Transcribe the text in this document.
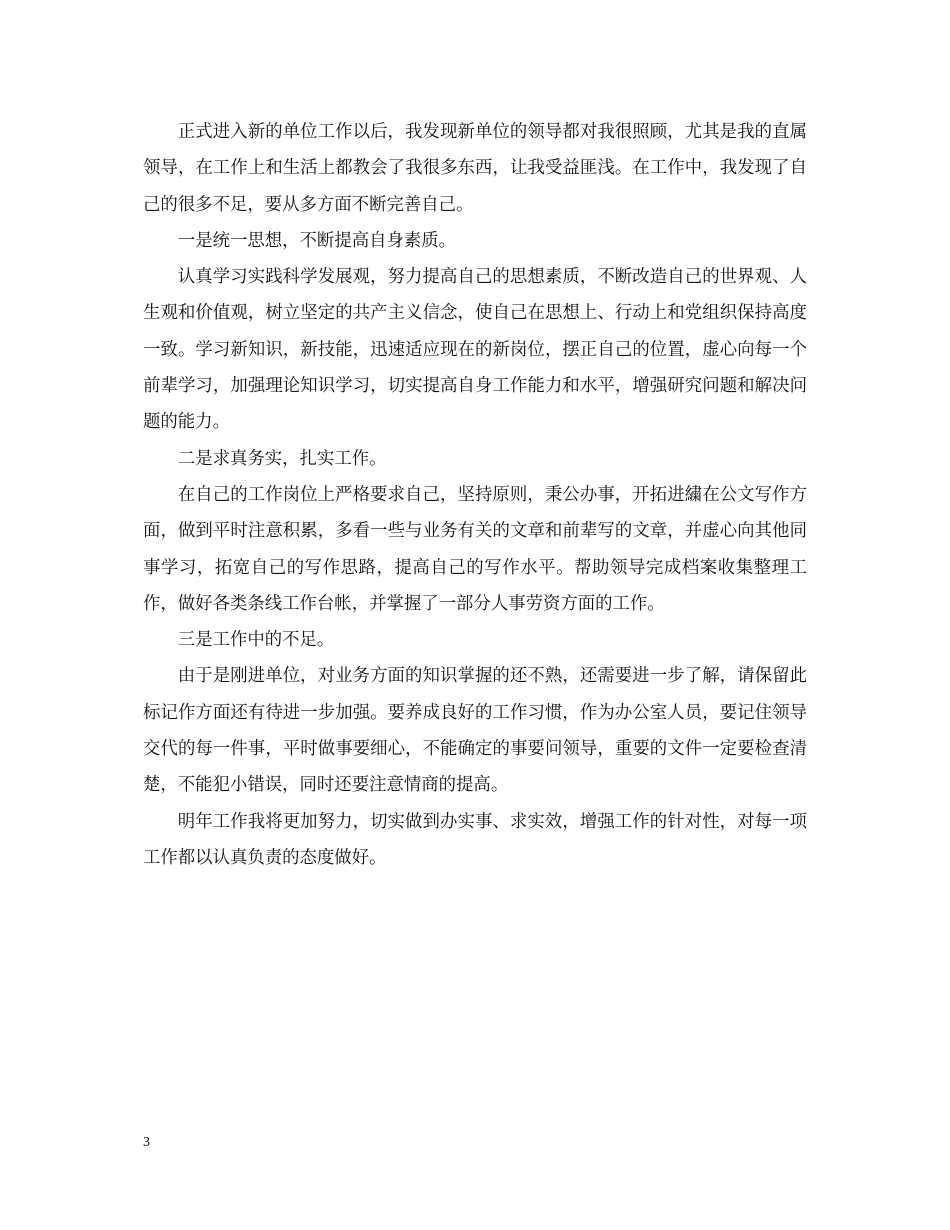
正式进入新的单位工作以后，我发现新单位的领导都对我很照顾，尤其是我的直属领导，在工作上和生活上都教会了我很多东西，让我受益匪浅。在工作中，我发现了自己的很多不足，要从多方面不断完善自己。

一是统一思想，不断提高自身素质。

认真学习实践科学发展观，努力提高自己的思想素质，不断改造自己的世界观、人生观和价值观，树立坚定的共产主义信念，使自己在思想上、行动上和党组织保持高度一致。学习新知识，新技能，迅速适应现在的新岗位，摆正自己的位置，虚心向每一个前辈学习，加强理论知识学习，切实提高自身工作能力和水平，增强研究问题和解决问题的能力。

二是求真务实，扎实工作。

在自己的工作岗位上严格要求自己，坚持原则，秉公办事，开拓进繍在公文写作方面，做到平时注意积累，多看一些与业务有关的文章和前辈写的文章，并虚心向其他同事学习，拓宽自己的写作思路，提高自己的写作水平。帮助领导完成档案收集整理工作，做好各类条线工作台帐，并掌握了一部分人事劳资方面的工作。

三是工作中的不足。

由于是刚进单位，对业务方面的知识掌握的还不熟，还需要进一步了解，请保留此标记作方面还有待进一步加强。要养成良好的工作习惯，作为办公室人员，要记住领导交代的每一件事，平时做事要细心，不能确定的事要问领导，重要的文件一定要检查清楚，不能犯小错误，同时还要注意情商的提高。

明年工作我将更加努力，切实做到办实事、求实效，增强工作的针对性，对每一项工作都以认真负责的态度做好。

3
